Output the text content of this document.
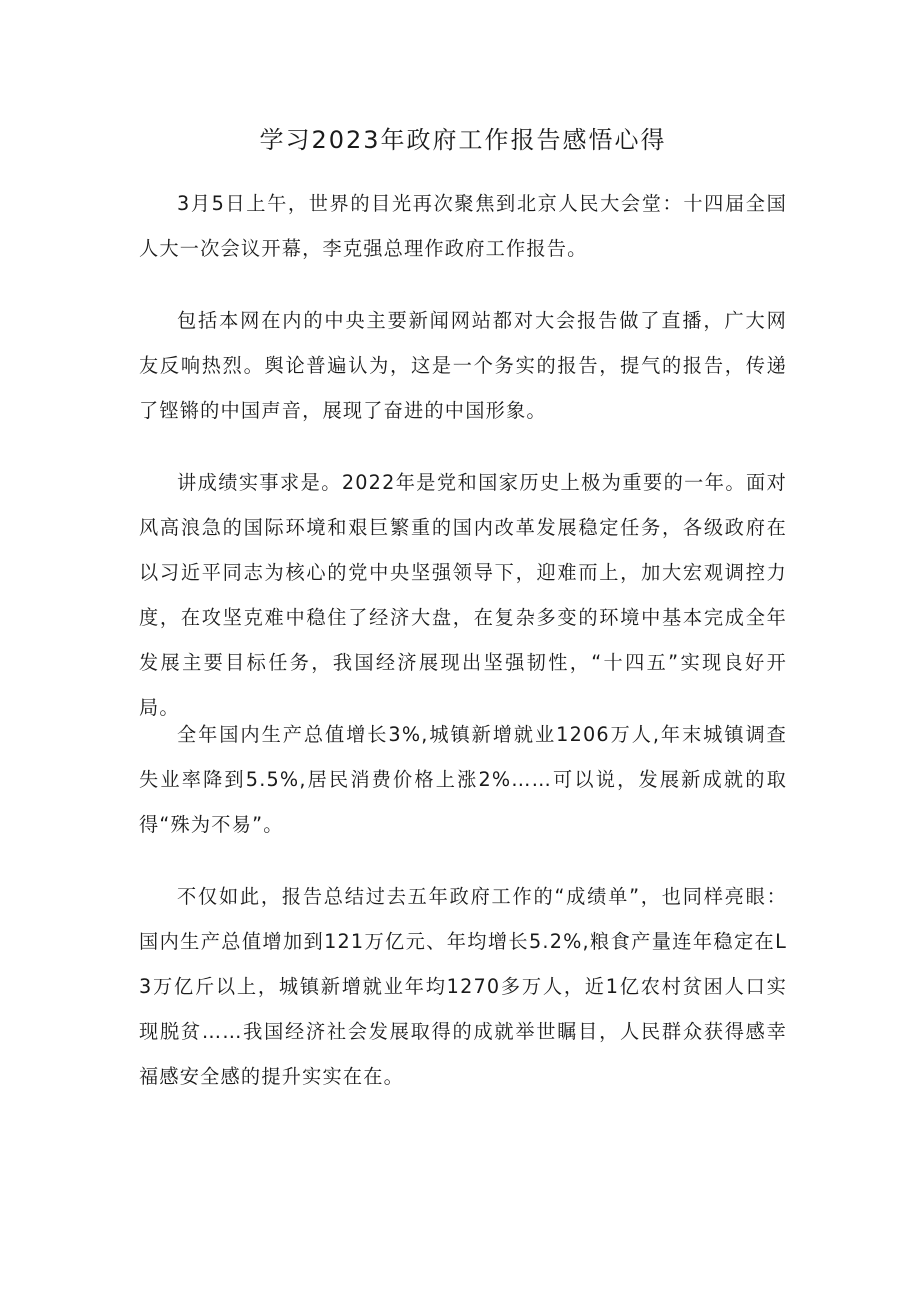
学习2023年政府工作报告感悟心得

3月5日上午，世界的目光再次聚焦到北京人民大会堂：十四届全国人大一次会议开幕，李克强总理作政府工作报告。

包括本网在内的中央主要新闻网站都对大会报告做了直播，广大网友反响热烈。舆论普遍认为，这是一个务实的报告，提气的报告，传递了铿锵的中国声音，展现了奋进的中国形象。

讲成绩实事求是。2022年是党和国家历史上极为重要的一年。面对风高浪急的国际环境和艰巨繁重的国内改革发展稳定任务，各级政府在以习近平同志为核心的党中央坚强领导下，迎难而上，加大宏观调控力度，在攻坚克难中稳住了经济大盘，在复杂多变的环境中基本完成全年发展主要目标任务，我国经济展现出坚强韧性，“十四五”实现良好开局。

全年国内生产总值增长3%,城镇新增就业1206万人,年末城镇调查失业率降到5.5%,居民消费价格上涨2%……可以说，发展新成就的取得“殊为不易”。

不仅如此，报告总结过去五年政府工作的“成绩单”，也同样亮眼：国内生产总值增加到121万亿元、年均增长5.2%,粮食产量连年稳定在L3万亿斤以上，城镇新增就业年均1270多万人，近1亿农村贫困人口实现脱贫……我国经济社会发展取得的成就举世瞩目，人民群众获得感幸福感安全感的提升实实在在。
